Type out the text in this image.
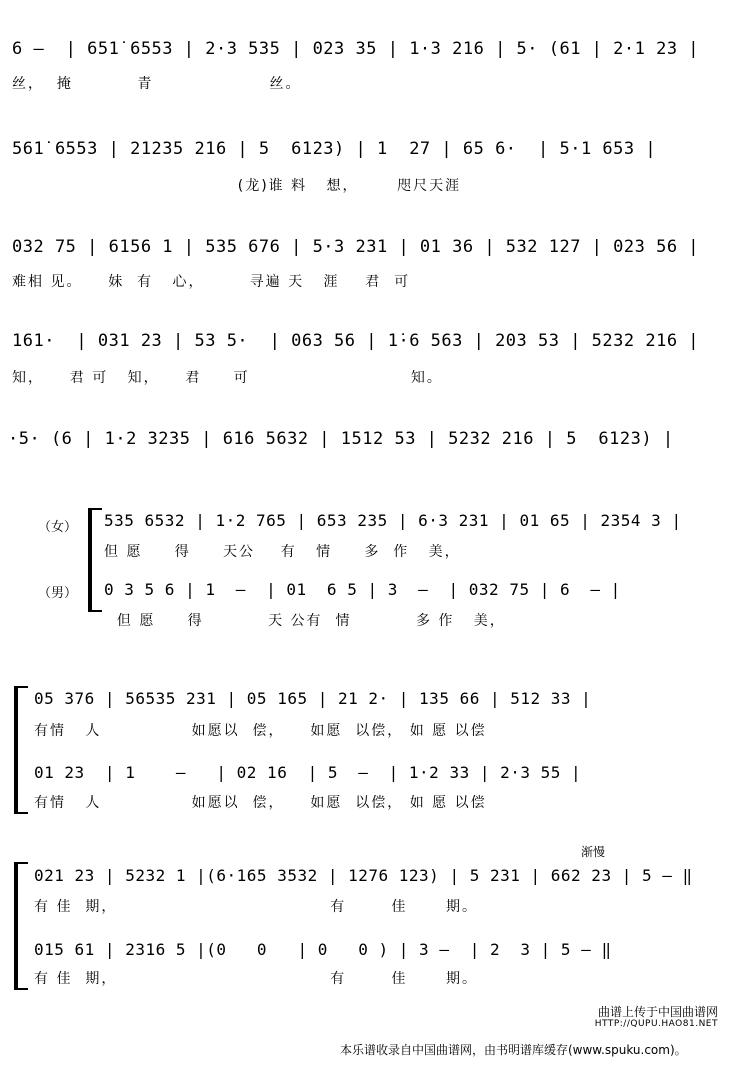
6 –  | 651̇ 6553 | 2·3 535 | 023 35 | 1·3 216 | 5· (61 | 2·1 23 |
丝，  掩          青                  丝。
561̇ 6553 | 21235 216 | 5  6123) | 1  27 | 65 6·  | 5·1 653 |
(龙)谁 料   想，      咫尺天涯
032 75 | 6156 1 | 535 676 | 5·3 231 | 01 36 | 532 127 | 023 56 |
难相 见。    妹  有   心，       寻遍 天   涯    君  可
161·  | 031 23 | 53 5·  | 063 56 | 1̇·6 563 | 203 53 | 5232 216 |
知，    君 可   知，    君     可                         知。
·5· (6 | 1·2 3235 | 61̇6 5632 | 1512 53 | 5232 216 | 5  6123) |
（女）
（男）
535 6532 | 1·2 765 | 653 235 | 6·3 231 | 01 65 | 2354 3 |
但 愿     得     天公    有   情     多  作   美，
0 3 5 6 | 1  –  | 01  6 5 | 3  –  | 032 75 | 6  – |
但 愿     得          天 公有  情          多 作   美，
05 376 | 56535 231 | 05 165 | 21 2· | 135 66 | 512 33 |
有情   人              如愿以  偿，    如愿  以偿， 如 愿 以偿
01 23  | 1    –   | 02 16  | 5  –  | 1·2 33 | 2·3 55 |
有情   人              如愿以  偿，    如愿  以偿， 如 愿 以偿
渐慢
021 23 | 5232 1 |(6·165 3532 | 1276 123) | 5 231 | 662 23 | 5 – ‖
有 佳  期，                                 有       佳      期。
015 61 | 2316 5 |(0   0   | 0   0 ) | 3 –  | 2  3 | 5 – ‖
有 佳  期，                                 有       佳      期。
曲谱上传于中国曲谱网
HTTP://QUPU.HAO81.NET
本乐谱收录自中国曲谱网，由书明谱库缓存(www.spuku.com)。
